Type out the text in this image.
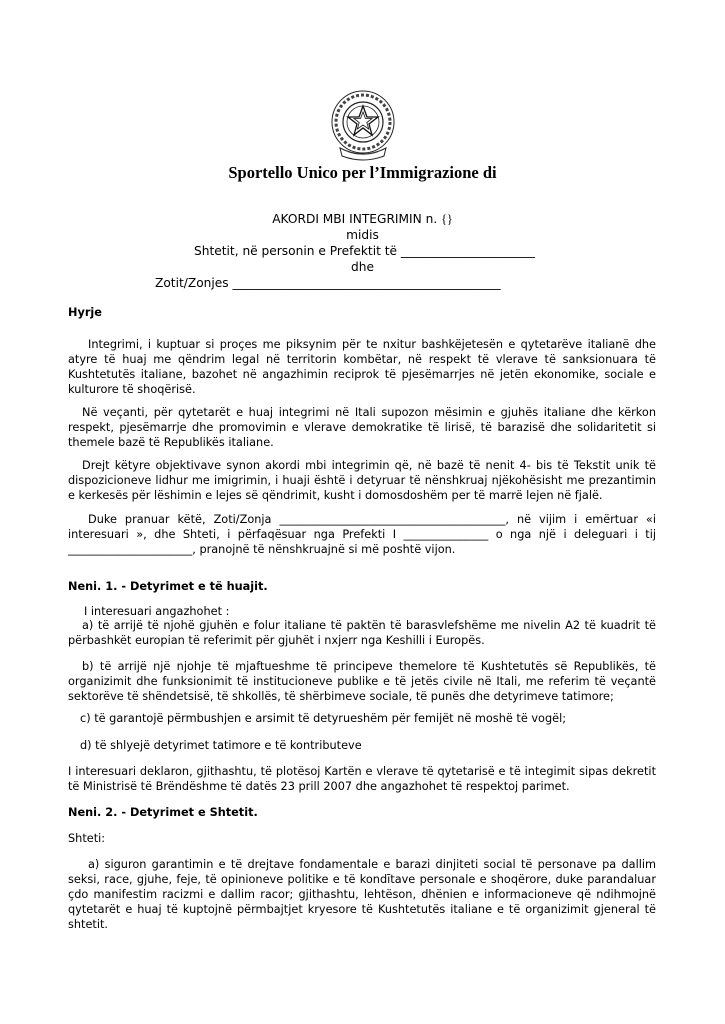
Sportello Unico per l’Immigrazione di
AKORDI MBI INTEGRIMIN n. {}
midis
Shtetit, në personin e Prefektit të ______________________
dhe
Zotit/Zonjes ____________________________________________
Hyrje
Integrimi, i kuptuar si proçes me piksynim për te nxitur bashkëjetesën e qytetarëve italianë dhe atyre të huaj me qëndrim legal në territorin kombëtar, në respekt të vlerave të sanksionuara të Kushtetutës italiane, bazohet në angazhimin reciprok të pjesëmarrjes në jetën ekonomike, sociale e kulturore të shoqërisë.
Në veçanti, për qytetarët e huaj integrimi në Itali supozon mësimin e gjuhës italiane dhe kërkon respekt, pjesëmarrje dhe promovimin e vlerave demokratike të lirisë, të barazisë dhe solidaritetit si themele bazë të Republikës italiane.
Drejt këtyre objektivave synon akordi mbi integrimin që, në bazë të nenit 4- bis të Tekstit unik të dispozicioneve lidhur me imigrimin, i huaji është i detyruar të nënshkruaj njëkohësisht me prezantimin e kerkesës për lëshimin e lejes së qëndrimit, kusht i domosdoshëm per të marrë lejen në fjalë.
Duke pranuar këtë, Zoti/Zonja ________________________________________, në vijim i emërtuar «i interesuari », dhe Shteti, i përfaqësuar nga Prefekti I _______________ o nga një i deleguari i tij ______________________, pranojnë të nënshkruajnë si më poshtë vijon.
Neni. 1. - Detyrimet e të huajit.
I interesuari angazhohet :
a) të arrijë të njohë gjuhën e folur italiane të paktën të barasvlefshëme me nivelin A2 të kuadrit të përbashkët europian të referimit për gjuhët i nxjerr nga Keshilli i Europës.
b) të arrijë një njohje të mjaftueshme të principeve themelore të Kushtetutës së Republikës, të organizimit dhe funksionimit të institucioneve publike e të jetës civile në Itali, me referim të veçantë sektorëve të shëndetsisë, të shkollës, të shërbimeve sociale, të punës dhe detyrimeve tatimore;
c) të garantojë përmbushjen e arsimit të detyrueshëm për femijët në moshë të vogël;
d) të shlyejë detyrimet tatimore e të kontributeve
I interesuari deklaron, gjithashtu, të plotësoj Kartën e vlerave të qytetarisë e të integimit sipas dekretit të Ministrisë të Brëndëshme të datës 23 prill 2007 dhe angazhohet të respektoj parimet.
Neni. 2. - Detyrimet e Shtetit.
Shteti:
a) siguron garantimin e të drejtave fondamentale e barazi dinjiteti social të personave pa dallim seksi, race, gjuhe, feje, të opinioneve politike e të kondītave personale e shoqërore, duke parandaluar çdo manifestim racizmi e dallim racor; gjithashtu, lehtëson, dhënien e informacioneve që ndihmojnë qytetarët e huaj të kuptojnë përmbajtjet kryesore të Kushtetutës italiane e të organizimit gjeneral të shtetit.
